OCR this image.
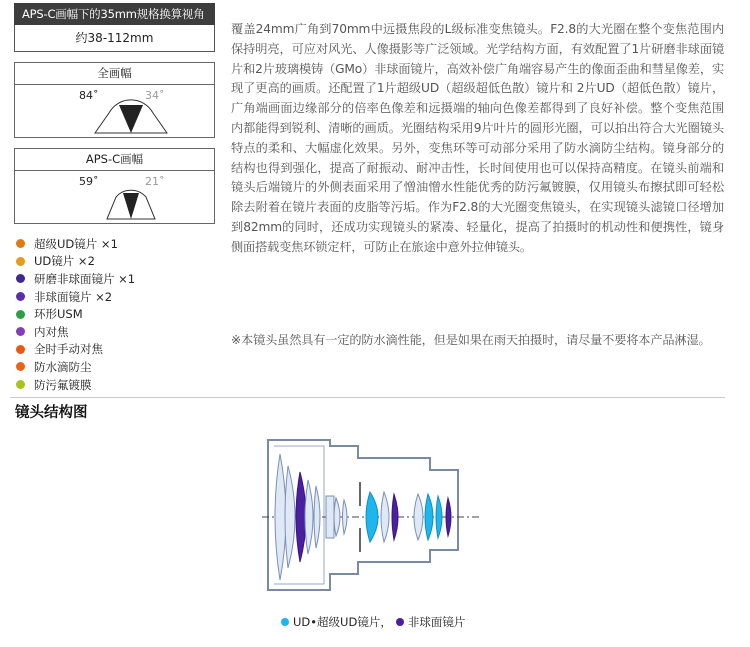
APS-C画幅下的35mm规格换算视角
约38-112mm
全画幅
84˚	34˚
APS-C画幅
59˚	21˚
超级UD镜片 ×1
UD镜片 ×2
研磨非球面镜片 ×1
非球面镜片 ×2
环形USM
内对焦
全时手动对焦
防水滴防尘
防污氟镀膜
覆盖24mm广角到70mm中远摄焦段的L级标准变焦镜头。F2.8的大光圈在整个变焦范围内保持明亮，可应对风光、人像摄影等广泛领域。光学结构方面，有效配置了1片研磨非球面镜片和2片玻璃模铸（GMo）非球面镜片，高效补偿广角端容易产生的像面歪曲和彗星像差，实现了更高的画质。还配置了1片超级UD（超级超低色散）镜片和 2片UD（超低色散）镜片，广角端画面边缘部分的倍率色像差和远摄端的轴向色像差都得到了良好补偿。整个变焦范围内都能得到锐利、清晰的画质。光圈结构采用9片叶片的圆形光圈，可以拍出符合大光圈镜头特点的柔和、大幅虚化效果。另外，变焦环等可动部分采用了防水滴防尘结构。镜身部分的结构也得到强化，提高了耐振动、耐冲击性，长时间使用也可以保持高精度。在镜头前端和镜头后端镜片的外侧表面采用了憎油憎水性能优秀的防污氟镀膜，仅用镜头布擦拭即可轻松除去附着在镜片表面的皮脂等污垢。作为F2.8的大光圈变焦镜头，在实现镜头滤镜口径增加到82mm的同时，还成功实现镜头的紧凑、轻量化，提高了拍摄时的机动性和便携性，镜身侧面搭载变焦环锁定杆，可防止在旅途中意外拉伸镜头。
※本镜头虽然具有一定的防水滴性能，但是如果在雨天拍摄时，请尽量不要将本产品淋湿。
镜头结构图
UD•超级UD镜片， 非球面镜片
